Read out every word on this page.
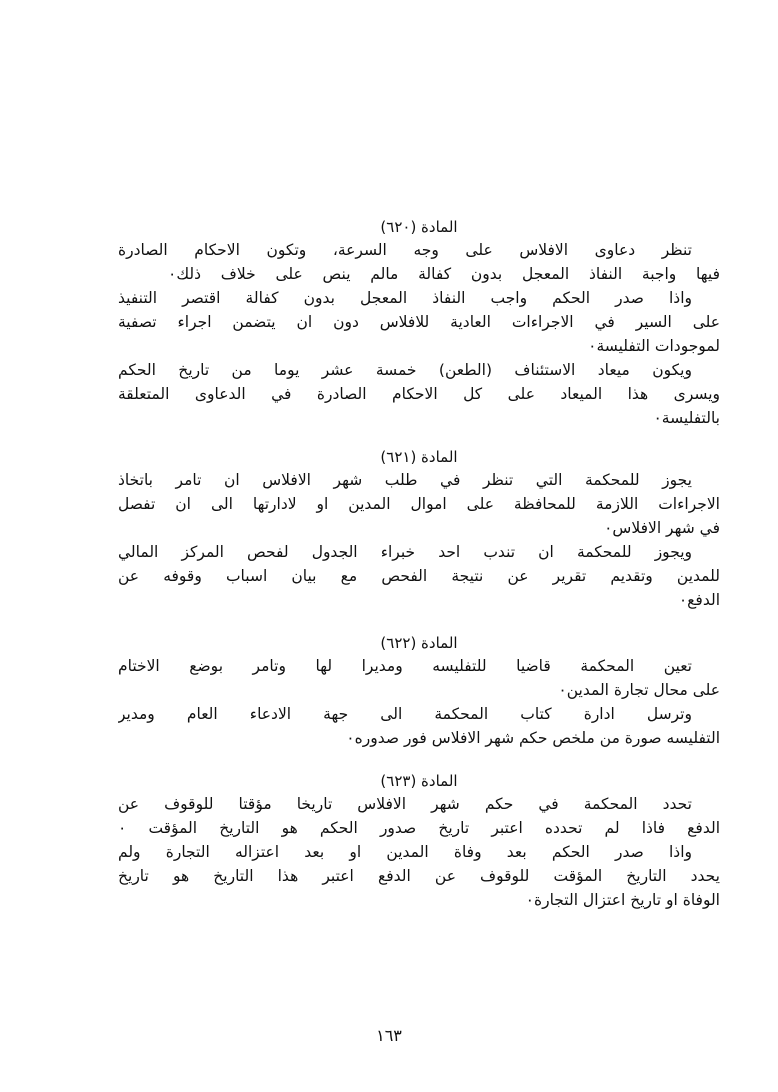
المادة (٦٢٠)

تنظر دعاوى الافلاس على وجه السرعة، وتكون الاحكام الصادرة

فيها واجبة النفاذ المعجل بدون كفالة مالم ينص على خلاف ذلك٠

واذا صدر الحكم واجب النفاذ المعجل بدون كفالة اقتصر التنفيذ

على السير في الاجراءات العادية للافلاس دون ان يتضمن اجراء تصفية

لموجودات التفليسة٠

ويكون ميعاد الاستئناف (الطعن) خمسة عشر يوما من تاريخ الحكم

ويسرى هذا الميعاد على كل الاحكام الصادرة في الدعاوى المتعلقة

بالتفليسة٠

المادة (٦٢١)

يجوز للمحكمة التي تنظر في طلب شهر الافلاس ان تامر باتخاذ

الاجراءات اللازمة للمحافظة على اموال المدين او لادارتها الى ان تفصل

في شهر الافلاس٠

ويجوز للمحكمة ان تندب احد خبراء الجدول لفحص المركز المالي

للمدين وتقديم تقرير عن نتيجة الفحص مع بيان اسباب وقوفه عن

الدفع٠

المادة (٦٢٢)

تعين المحكمة قاضيا للتفليسه ومديرا لها وتامر بوضع الاختام

على محال تجارة المدين٠

وترسل ادارة كتاب المحكمة الى جهة الادعاء العام ومدير

التفليسه صورة من ملخص حكم شهر الافلاس فور صدوره٠

المادة (٦٢٣)

تحدد المحكمة في حكم شهر الافلاس تاريخا مؤقتا للوقوف عن

الدفع فاذا لم تحدده اعتبر تاريخ صدور الحكم هو التاريخ المؤقت ٠

واذا صدر الحكم بعد وفاة المدين او بعد اعتزاله التجارة ولم

يحدد التاريخ المؤقت للوقوف عن الدفع اعتبر هذا التاريخ هو تاريخ

الوفاة او تاريخ اعتزال التجارة٠

١٦٣
